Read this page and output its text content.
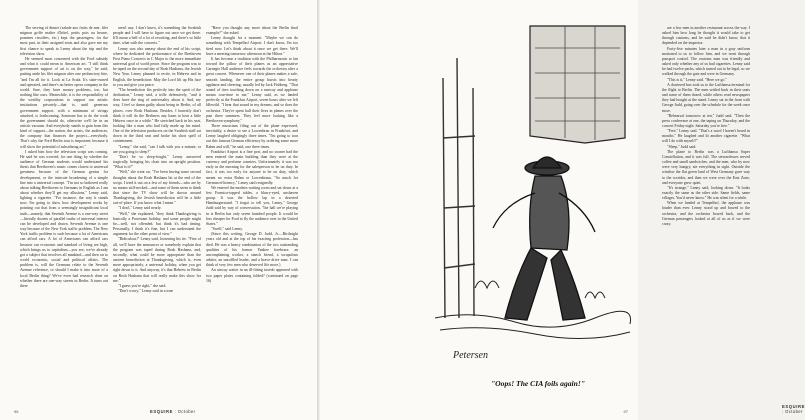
The serving of dinner (salade aux fruits de mer, filet mignon griffe maître d'hôtel, petits pois au beurre, pommes rissolées, etc.) kept the passengers, for the most part, in their assigned seats and also gave me my first chance to speak to Lenny about the trip and the television show.

He seemed most concerned with the Ford subsidy and what it could mean to American art. "I still think government support of art is on the way," he said, putting aside his filet mignon after one perfunctory bite, "and I'm all for it. Look at La Scala. It's state-owned and operated, and there's no better opera company in the world. Sure, they have money problems, too, but nothing like ours. Meanwhile, it is the responsibility of the wealthy corporations to support our artistic institutions privately—that is, until generous government support, with a minimum of strings attached, is forthcoming. Someone has to do the work the government should do, otherwise we'll be in an artistic vacuum. And everybody stands to gain from this kind of support—the nation, the artists, the audiences, the company that finances the project—everybody. That's why the Ford Berlin tour is important; because it will show the potential of subsidizing art."

I asked him how the television script was coming. He said he was worried, for one thing, by whether the audience of German students would understand his thesis that Beethoven's music comes closest to universal greatness because of the German genius for development, or the intricate broadening of a simple line into a universal concept. "I'm not so bothered really about talking Beethoven to Germans in English as I am about whether they'll get my allusions," Lenny said, lighting a cigarette. "For instance, the way it stands now, I'm going to show how development works by pointing out that from a seemingly insignificant local truth—namely, that Seventh Avenue is a one-way street—literally dozens of parallel truths of universal interest can be developed and drawn. Seventh Avenue is one way because of the New York traffic problem. The New York traffic problem is such because a lot of Americans can afford cars. A lot of Americans can afford cars because our economic and standard of living are high, which brings us to capitalism—you see, we've already got a subject that involves all mankind—and then on to world economic, social and political affairs. The problem is, will the Germans relate to the Seventh Avenue reference, or should I make it into more of a local Berlin thing? We've even had research done on whether there are one-way streets in Berlin. It turns out there

aren't any. I don't know, it's something the Swabish people and I will have to figure out once we get there. It'll mean a hell of a lot of rewriting, and there's so little time, what with the concerts."

Lenny was also uneasy about the end of his script, where he dedicated the performance of the Beethoven First Piano Concerto in C Major to the more immediate universal goal of world peace. Since the program was to be taped on the second day of Rosh Hashana, the Jewish New Year, Lenny planned to recite, in Hebrew and in English, the benediction: May the Lord lift up His face to you and give you peace.

"The benediction fits perfectly into the spirit of the dedication," Lenny said, a trifle defensively, "and it does have the ring of universality about it. And, my way, I feel so damn guilty about being in Berlin, of all places, over Rosh Hashana. Besides, I honestly don't think it will do the Berliners any harm to hear a little Hebrew once in a while." He stretched back in his seat, looking like a man who had fully made up his mind. One of the television producers on the Swabish staff sat down in the third seat and broke his short spell of contentment.

"Lenny," she said, "can I talk with you a minute, or are you going to sleep?"

"Don't be so sleep-fought," Lenny answered tragically, bringing his chair into an upright position. "What is it?"

"Well," she went on, "I've been having some second thoughts about the Rosh Hashana bit at the end of the script. I tried it out on a few of my friends—who are by no means stiff-necked—and some of them seem to think that since the TV show will be shown around Thanksgiving, the Jewish benediction will be a little out-of-place. If you know what I mean."

"I don't," Lenny said nearly.

"Well," she explained, "they think Thanksgiving is basically a Protestant holiday, and some people might be—well, not offended, but think it's bad timing. Personally, I think it's fine, but I can understand the argument for the other point of view."

"Ridiculous!" Lenny said, loosening his tie. "First of all, we'll have the announcer or somebody explain that the program was taped during Rosh Hashana, and, secondly, what could be more appropriate than the ancient benediction at Thanksgiving, which is, even more appropriately, a universal holiday, when you get right down to it. And anyway, it's that Hebrew in Berlin on Rosh Hashana that will really make this show for me."

"I guess you're right," she said.

"Don't worry," Lenny said in a tone

"Have you thought any more about the Berlin final example?" she asked.

Lenny thought for a moment. "Maybe we can do something with Tempelhof Airport. I don't know, I'm too tired now. Let's think about it once we get there. We'll have a meeting tomorrow afternoon at the Hilton."

It has become a tradition with the Philharmonic to fan toward the pillow of their planes as an appreciative Carnegie Hall audience feels towards the orchestra after a great concert. Whenever one of their planes makes a safe, smooth landing, the entire group bursts into hearty applause and cheering, usually led by Jack Fishberg. "That sound of tires touching down on a runway and applause means tour-time to me," Lenny said, as we landed perfectly at the Frankfurt Airport, seven hours after we left Idlewild. "I hear that sound in my dreams, and so does the orchestra. They're spent half their lives in planes over the past three summers. They feel more looking like a Beethoven symphony."

Three musicians filing out of the plane expressed, inevitably, a desire to see a Lowenbrau in Frankfurt, and Lenny laughed obligingly three times. "I'm going to tour out this famous German efficiency by ordering some more Rahm and will," he said, one three times.

Frankfurt Airport is a fine port, and no sooner had the men entered the main building than they were at the currency and perfume counters. Unfortunately it was too early in the morning for the salesperson to be on duty. In fact, it was too early for anyone to be on duty, which meant no extra Rahm or Lowenbraus. "So much for German efficiency," Lenny said resignedly.

We entered the modern waiting room and sat down at a few Formica-topped tables, a blurry-eyed, unshaven group. It was the hollow lap in a deserted Hamburgerstand. "I forgot to tell you, Lenny," George Judd said by way of conversation, "the hall we're playing in is Berlin has only seven hundred people. It would be less cheaper for Ford to fly the audience over to the United States."

"Swell," said Lenny.

(Since this writing, George D. Judd, Jr.—Birthright years old and at the top of his exacting profession—has died. He was a hearty combination of the two outstanding qualities of his former Yankee forebears: an uncomplaining worker, a stanch friend, a scrupulous arbiter, an unruffled leader, and a brave drive man. I can think of very few men who deserved life more.)

An airway waiter in an ill-fitting tuxedo appeared with two paper plates containing folded? (continued on page 16)

96	ESQUIRE : October

are a few men in another restaurant across the way. I asked him how long he thought it would take to get through customs, and he said he didn't know, that it depended on the inspector.

Forty-five minutes later a man in a gray uniform motioned to us to follow him, and we went through passport control. The customs man was friendly and asked only whether any of us had cigarettes. Lenny said he had twelve packs, which turned out to be legal, so we walked through the gate and were in Germany.

"This is it," Lenny said. "Here we go."

A chartered bus took us to the Lufthansa terminal for the flight to Berlin. The men settled back in their seats and some of them dozed, while others read newspapers they had bought at the stand. Lenny sat in the front with George Judd, going over the schedule for the week once more.

"Rehearsal tomorrow at ten," Judd said. "Then the press conference at one, the taping on Thursday, and the concert Friday night. Saturday you're free."

"Free," Lenny said. "That's a word I haven't heard in months." He laughed and lit another cigarette. "What will I do with myself?"

"Sleep," Judd said.

The plane to Berlin was a Lufthansa Super Constellation, and it was full. The stewardesses served coffee and small sandwiches, and the men, who by now were very hungry, ate everything in sight. Outside the window the flat green land of West Germany gave way to the corridor, and then we were over the East Zone, and everyone grew quiet.

"It's strange," Lenny said, looking down. "It looks exactly the same as the other side. Same fields, same villages. You'd never know." He was silent for a while.

When we landed at Tempelhof, the applause was louder than ever. Lenny stood up and bowed to the orchestra, and the orchestra bowed back, and the German passengers looked at all of us as if we were crazy.

ESQUIRE : October
97
Petersen
"Oops! The CIA foils again!"
